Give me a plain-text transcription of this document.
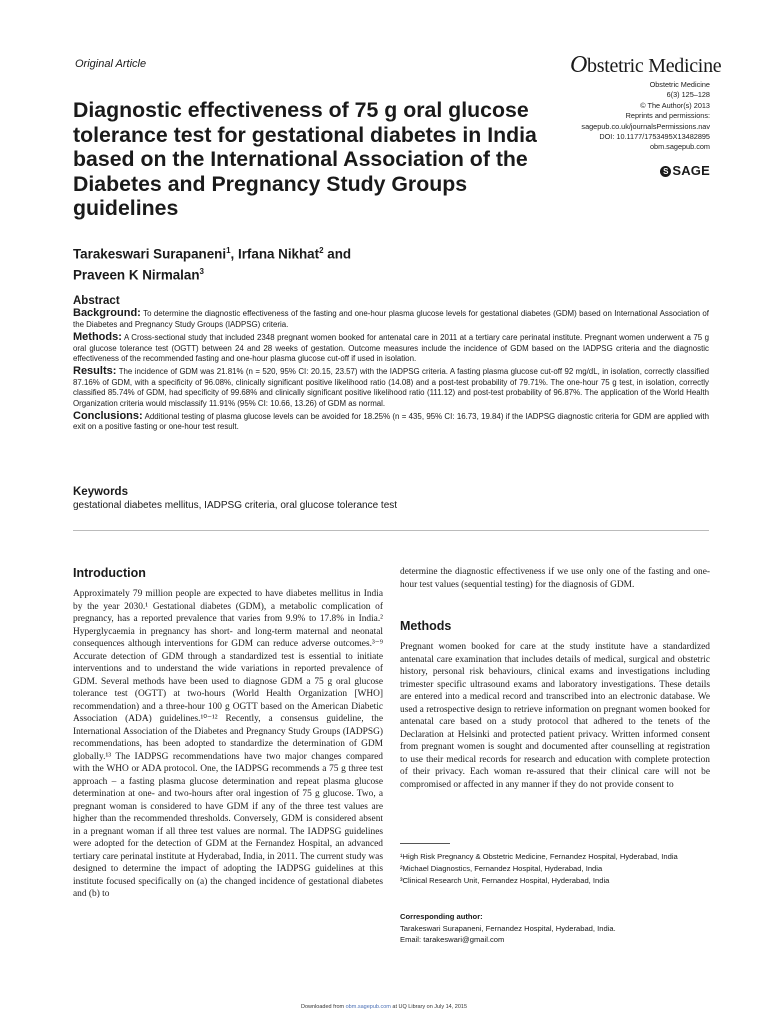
Original Article	Obstetric Medicine
Obstetric Medicine
6(3) 125–128
© The Author(s) 2013
Reprints and permissions:
sagepub.co.uk/journalsPermissions.nav
DOI: 10.1177/1753495X13482895
obm.sagepub.com
S SAGE
Diagnostic effectiveness of 75 g oral glucose tolerance test for gestational diabetes in India based on the International Association of the Diabetes and Pregnancy Study Groups guidelines
Tarakeswari Surapaneni$^1$, Irfana Nikhat$^2$ and
Praveen K Nirmalan$^3$
Abstract
Background: To determine the diagnostic effectiveness of the fasting and one-hour plasma glucose levels for gestational diabetes (GDM) based on International Association of the Diabetes and Pregnancy Study Groups (IADPSG) criteria.
Methods: A Cross-sectional study that included 2348 pregnant women booked for antenatal care in 2011 at a tertiary care perinatal institute. Pregnant women underwent a 75 g oral glucose tolerance test (OGTT) between 24 and 28 weeks of gestation. Outcome measures include the incidence of GDM based on the IADPSG criteria and the diagnostic effectiveness of the recommended fasting and one-hour plasma glucose cut-off if used in isolation.
Results: The incidence of GDM was 21.81% (n = 520, 95% CI: 20.15, 23.57) with the IADPSG criteria. A fasting plasma glucose cut-off 92 mg/dL, in isolation, correctly classified 87.16% of GDM, with a specificity of 96.08%, clinically significant positive likelihood ratio (14.08) and a post-test probability of 79.71%. The one-hour 75 g test, in isolation, correctly classified 85.74% of GDM, had specificity of 99.68% and clinically significant positive likelihood ratio (111.12) and post-test probability of 96.87%. The application of the World Health Organization criteria would misclassify 11.91% (95% CI: 10.66, 13.26) of GDM as normal.
Conclusions: Additional testing of plasma glucose levels can be avoided for 18.25% (n = 435, 95% CI: 16.73, 19.84) if the IADPSG diagnostic criteria for GDM are applied with exit on a positive fasting or one-hour test result.
Keywords
gestational diabetes mellitus, IADPSG criteria, oral glucose tolerance test
Introduction

Approximately 79 million people are expected to have diabetes mellitus in India by the year 2030.¹ Gestational diabetes (GDM), a metabolic complication of pregnancy, has a reported prevalence that varies from 9.9% to 17.8% in India.² Hyperglycaemia in pregnancy has short- and long-term maternal and neonatal consequences although interventions for GDM can reduce adverse outcomes.³⁻⁹ Accurate detection of GDM through a standardized test is essential to initiate interventions and to understand the wide variations in reported prevalence of GDM. Several methods have been used to diagnose GDM a 75 g oral glucose tolerance test (OGTT) at two-hours (World Health Organization [WHO] recommendation) and a three-hour 100 g OGTT based on the American Diabetic Association (ADA) guidelines.¹⁰⁻¹² Recently, a consensus guideline, the International Association of the Diabetes and Pregnancy Study Groups (IADPSG) recommendations, has been adopted to standardize the determination of GDM globally.¹³ The IADPSG recommendations have two major changes compared with the WHO or ADA protocol. One, the IADPSG recommends a 75 g three test approach – a fasting plasma glucose determination and repeat plasma glucose determination at one- and two-hours after oral ingestion of 75 g glucose. Two, a pregnant woman is considered to have GDM if any of the three test values are higher than the recommended thresholds. Conversely, GDM is considered absent in a pregnant woman if all three test values are normal. The IADPSG guidelines were adopted for the detection of GDM at the Fernandez Hospital, an advanced tertiary care perinatal institute at Hyderabad, India, in 2011. The current study was designed to determine the impact of adopting the IADPSG guidelines at this institute focused specifically on (a) the changed incidence of gestational diabetes and (b) to

determine the diagnostic effectiveness if we use only one of the fasting and one-hour test values (sequential testing) for the diagnosis of GDM.

Methods

Pregnant women booked for care at the study institute have a standardized antenatal care examination that includes details of medical, surgical and obstetric history, personal risk behaviours, clinical exams and investigations including trimester specific ultrasound exams and laboratory investigations. These details are entered into a medical record and transcribed into an electronic database. We used a retrospective design to retrieve information on pregnant women booked for antenatal care based on a study protocol that adhered to the tenets of the Declaration at Helsinki and protected patient privacy. Written informed consent from pregnant women is sought and documented after counselling at registration to use their medical records for research and education with complete protection of their privacy. Each woman re-assured that their clinical care will not be compromised or affected in any manner if they do not provide consent to

¹High Risk Pregnancy & Obstetric Medicine, Fernandez Hospital, Hyderabad, India
²Michael Diagnostics, Fernandez Hospital, Hyderabad, India
³Clinical Research Unit, Fernandez Hospital, Hyderabad, India
Corresponding author:
Tarakeswari Surapaneni, Fernandez Hospital, Hyderabad, India.
Email: tarakeswari@gmail.com
Downloaded from obm.sagepub.com at UQ Library on July 14, 2015
